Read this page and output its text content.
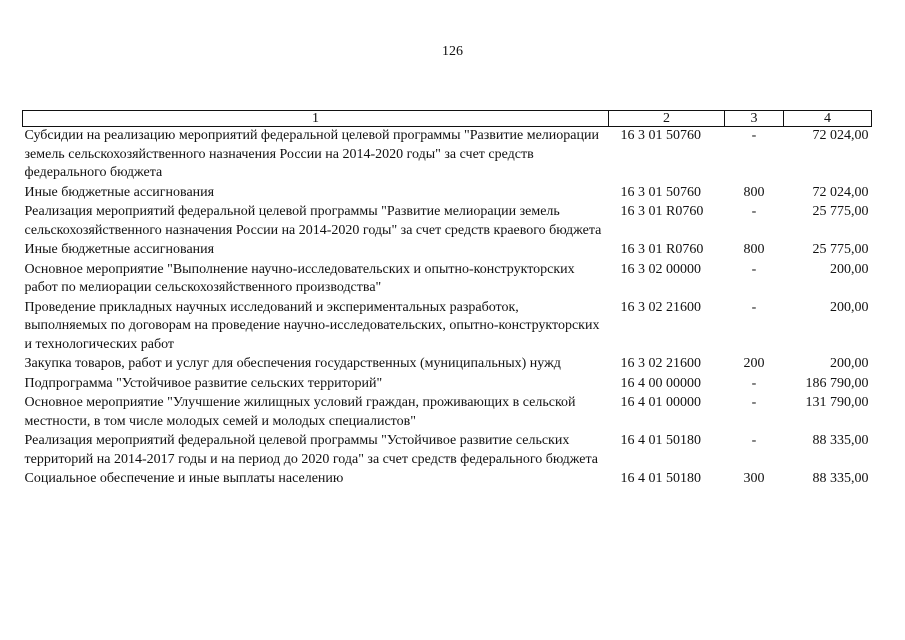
126
1	2	3	4
Субсидии на реализацию мероприятий федеральной целевой программы "Развитие мелиорации земель сельскохозяйственного назначения России на 2014-2020 годы" за счет средств федерального бюджета	16 3 01 50760	-	72 024,00
Иные бюджетные ассигнования	16 3 01 50760	800	72 024,00
Реализация мероприятий федеральной целевой программы "Развитие мелиорации земель сельскохозяйственного назначения России на 2014-2020 годы" за счет средств краевого бюджета	16 3 01 R0760	-	25 775,00
Иные бюджетные ассигнования	16 3 01 R0760	800	25 775,00
Основное мероприятие "Выполнение научно-исследовательских и опытно-конструкторских работ по мелиорации сельскохозяйственного производства"	16 3 02 00000	-	200,00
Проведение прикладных научных исследований и экспериментальных разработок, выполняемых по договорам на проведение научно-исследовательских, опытно-конструкторских и технологических работ	16 3 02 21600	-	200,00
Закупка товаров, работ и услуг для обеспечения государственных (муниципальных) нужд	16 3 02 21600	200	200,00
Подпрограмма "Устойчивое развитие сельских территорий"	16 4 00 00000	-	186 790,00
Основное мероприятие "Улучшение жилищных условий граждан, проживающих в сельской местности, в том числе молодых семей и молодых специалистов"	16 4 01 00000	-	131 790,00
Реализация мероприятий федеральной целевой программы "Устойчивое развитие сельских территорий на 2014-2017 годы и на период до 2020 года" за счет средств федерального бюджета	16 4 01 50180	-	88 335,00
Социальное обеспечение и иные выплаты населению	16 4 01 50180	300	88 335,00
